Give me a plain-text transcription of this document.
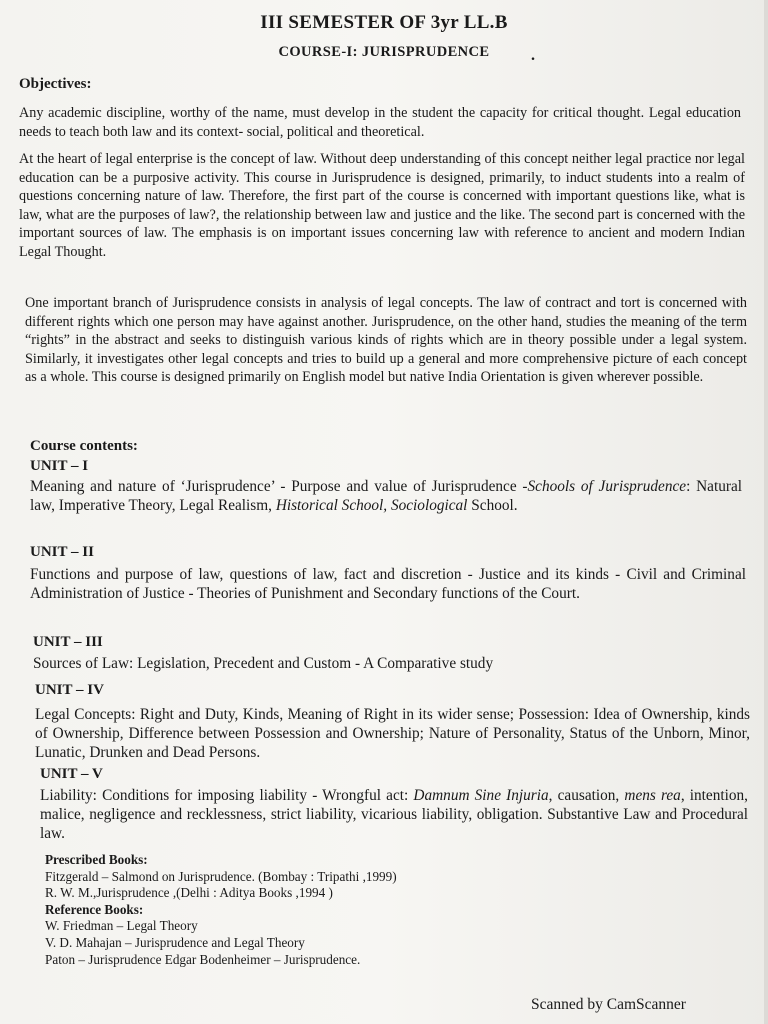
III SEMESTER OF 3yr LL.B
COURSE-I: JURISPRUDENCE	.
Objectives:

Any academic discipline, worthy of the name, must develop in the student the capacity for critical thought. Legal education needs to teach both law and its context- social, political and theoretical.

At the heart of legal enterprise is the concept of law. Without deep understanding of this concept neither legal practice nor legal education can be a purposive activity. This course in Jurisprudence is designed, primarily, to induct students into a realm of questions concerning nature of law. Therefore, the first part of the course is concerned with important questions like, what is law, what are the purposes of law?, the relationship between law and justice and the like. The second part is concerned with the important sources of law. The emphasis is on important issues concerning law with reference to ancient and modern Indian Legal Thought.

One important branch of Jurisprudence consists in analysis of legal concepts. The law of contract and tort is concerned with different rights which one person may have against another. Jurisprudence, on the other hand, studies the meaning of the term “rights” in the abstract and seeks to distinguish various kinds of rights which are in theory possible under a legal system. Similarly, it investigates other legal concepts and tries to build up a general and more comprehensive picture of each concept as a whole. This course is designed primarily on English model but native India Orientation is given wherever possible.

Course contents:
UNIT – I

Meaning and nature of ‘Jurisprudence’ - Purpose and value of Jurisprudence -Schools of Jurisprudence: Natural law, Imperative Theory, Legal Realism, Historical School, Sociological School.

UNIT – II

Functions and purpose of law, questions of law, fact and discretion - Justice and its kinds - Civil and Criminal Administration of Justice - Theories of Punishment and Secondary functions of the Court.

UNIT – III

Sources of Law: Legislation, Precedent and Custom - A Comparative study

UNIT – IV

Legal Concepts: Right and Duty, Kinds, Meaning of Right in its wider sense; Possession: Idea of Ownership, kinds of Ownership, Difference between Possession and Ownership; Nature of Personality, Status of the Unborn, Minor, Lunatic, Drunken and Dead Persons.

UNIT – V

Liability: Conditions for imposing liability - Wrongful act: Damnum Sine Injuria, causation, mens rea, intention, malice, negligence and recklessness, strict liability, vicarious liability, obligation. Substantive Law and Procedural law.

Prescribed Books:
Fitzgerald – Salmond on Jurisprudence. (Bombay : Tripathi ,1999)
R. W. M.,Jurisprudence ,(Delhi : Aditya Books ,1994 )
Reference Books:
W. Friedman – Legal Theory
V. D. Mahajan – Jurisprudence and Legal Theory
Paton – Jurisprudence Edgar Bodenheimer – Jurisprudence.
Scanned by CamScanner
